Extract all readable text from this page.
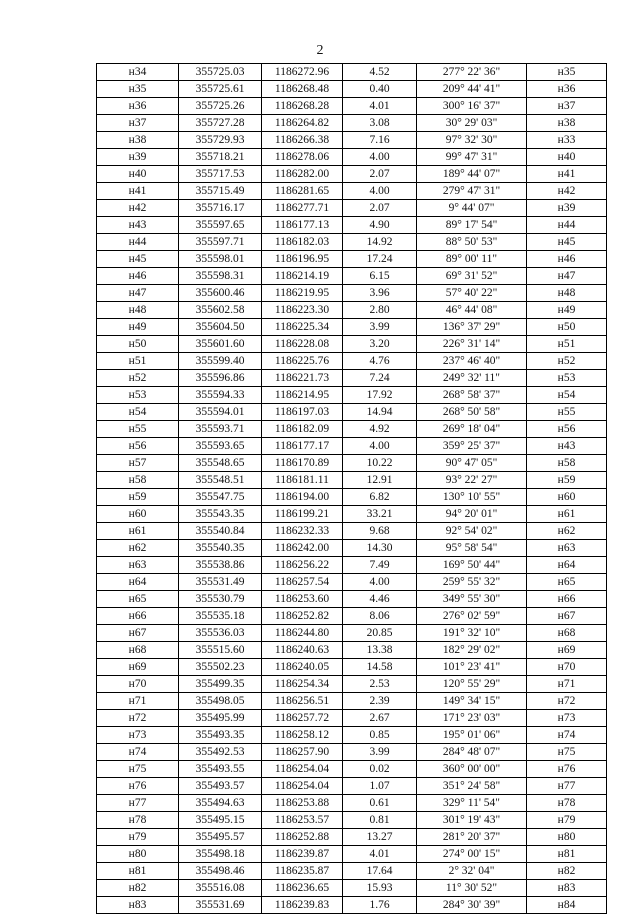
2
н34	355725.03	1186272.96	4.52	277° 22' 36"	н35
н35	355725.61	1186268.48	0.40	209° 44' 41"	н36
н36	355725.26	1186268.28	4.01	300° 16' 37"	н37
н37	355727.28	1186264.82	3.08	30° 29' 03"	н38
н38	355729.93	1186266.38	7.16	97° 32' 30"	н33
н39	355718.21	1186278.06	4.00	99° 47' 31"	н40
н40	355717.53	1186282.00	2.07	189° 44' 07"	н41
н41	355715.49	1186281.65	4.00	279° 47' 31"	н42
н42	355716.17	1186277.71	2.07	9° 44' 07"	н39
н43	355597.65	1186177.13	4.90	89° 17' 54"	н44
н44	355597.71	1186182.03	14.92	88° 50' 53"	н45
н45	355598.01	1186196.95	17.24	89° 00' 11"	н46
н46	355598.31	1186214.19	6.15	69° 31' 52"	н47
н47	355600.46	1186219.95	3.96	57° 40' 22"	н48
н48	355602.58	1186223.30	2.80	46° 44' 08"	н49
н49	355604.50	1186225.34	3.99	136° 37' 29"	н50
н50	355601.60	1186228.08	3.20	226° 31' 14"	н51
н51	355599.40	1186225.76	4.76	237° 46' 40"	н52
н52	355596.86	1186221.73	7.24	249° 32' 11"	н53
н53	355594.33	1186214.95	17.92	268° 58' 37"	н54
н54	355594.01	1186197.03	14.94	268° 50' 58"	н55
н55	355593.71	1186182.09	4.92	269° 18' 04"	н56
н56	355593.65	1186177.17	4.00	359° 25' 37"	н43
н57	355548.65	1186170.89	10.22	90° 47' 05"	н58
н58	355548.51	1186181.11	12.91	93° 22' 27"	н59
н59	355547.75	1186194.00	6.82	130° 10' 55"	н60
н60	355543.35	1186199.21	33.21	94° 20' 01"	н61
н61	355540.84	1186232.33	9.68	92° 54' 02"	н62
н62	355540.35	1186242.00	14.30	95° 58' 54"	н63
н63	355538.86	1186256.22	7.49	169° 50' 44"	н64
н64	355531.49	1186257.54	4.00	259° 55' 32"	н65
н65	355530.79	1186253.60	4.46	349° 55' 30"	н66
н66	355535.18	1186252.82	8.06	276° 02' 59"	н67
н67	355536.03	1186244.80	20.85	191° 32' 10"	н68
н68	355515.60	1186240.63	13.38	182° 29' 02"	н69
н69	355502.23	1186240.05	14.58	101° 23' 41"	н70
н70	355499.35	1186254.34	2.53	120° 55' 29"	н71
н71	355498.05	1186256.51	2.39	149° 34' 15"	н72
н72	355495.99	1186257.72	2.67	171° 23' 03"	н73
н73	355493.35	1186258.12	0.85	195° 01' 06"	н74
н74	355492.53	1186257.90	3.99	284° 48' 07"	н75
н75	355493.55	1186254.04	0.02	360° 00' 00"	н76
н76	355493.57	1186254.04	1.07	351° 24' 58"	н77
н77	355494.63	1186253.88	0.61	329° 11' 54"	н78
н78	355495.15	1186253.57	0.81	301° 19' 43"	н79
н79	355495.57	1186252.88	13.27	281° 20' 37"	н80
н80	355498.18	1186239.87	4.01	274° 00' 15"	н81
н81	355498.46	1186235.87	17.64	2° 32' 04"	н82
н82	355516.08	1186236.65	15.93	11° 30' 52"	н83
н83	355531.69	1186239.83	1.76	284° 30' 39"	н84
